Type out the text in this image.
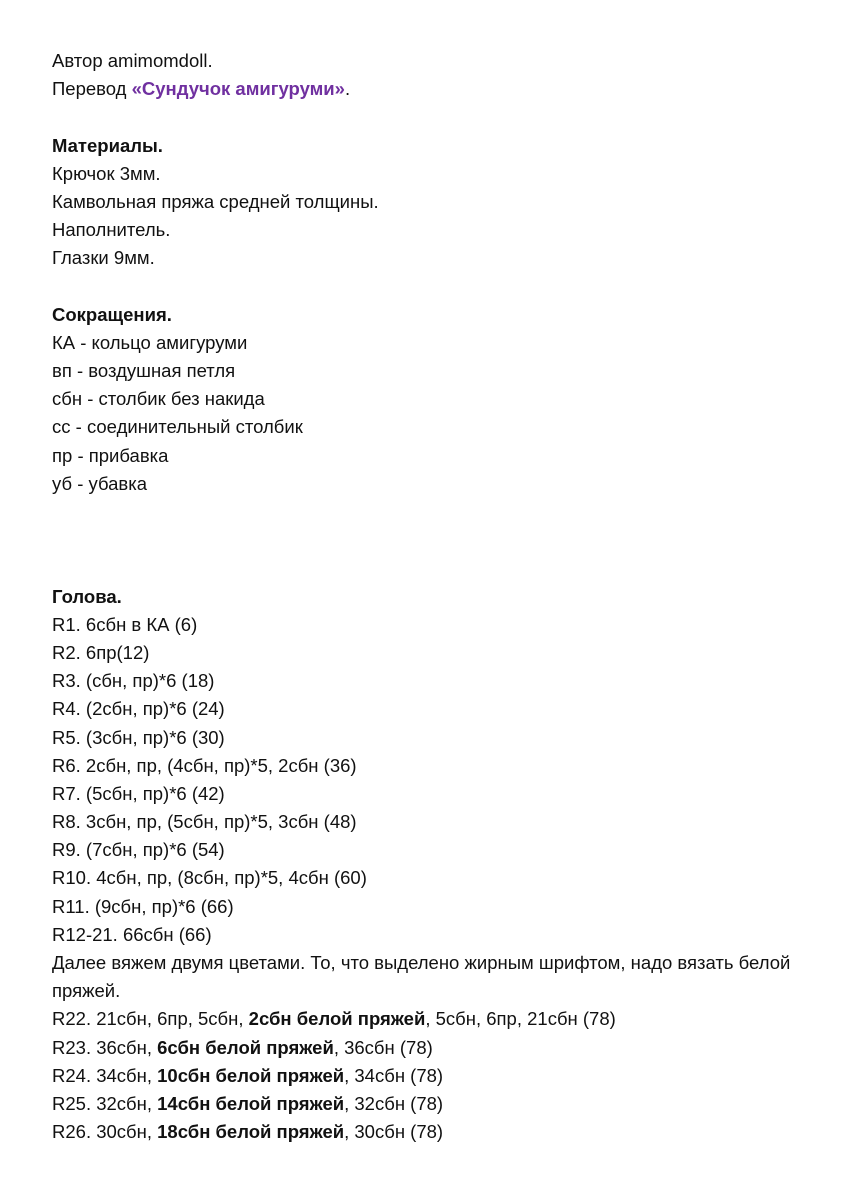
Автор amimomdoll.
Перевод «Сундучок амигуруми».
Материалы.
Крючок 3мм.
Камвольная пряжа средней толщины.
Наполнитель.
Глазки 9мм.
Сокращения.
КА - кольцо амигуруми
вп - воздушная петля
сбн - столбик без накида
сс - соединительный столбик
пр - прибавка
уб - убавка
Голова.
R1. 6сбн в КА (6)
R2. 6пр(12)
R3. (сбн, пр)*6 (18)
R4. (2сбн, пр)*6 (24)
R5. (3сбн, пр)*6 (30)
R6. 2сбн, пр, (4сбн, пр)*5, 2сбн (36)
R7. (5сбн, пр)*6 (42)
R8. 3сбн, пр, (5сбн, пр)*5, 3сбн (48)
R9. (7сбн, пр)*6 (54)
R10. 4сбн, пр, (8сбн, пр)*5, 4сбн (60)
R11. (9сбн, пр)*6 (66)
R12-21. 66сбн (66)
Далее вяжем двумя цветами. То, что выделено жирным шрифтом, надо вязать белой пряжей.
R22. 21сбн, 6пр, 5сбн, 2сбн белой пряжей, 5сбн, 6пр, 21сбн (78)
R23. 36сбн, 6сбн белой пряжей, 36сбн (78)
R24. 34сбн, 10сбн белой пряжей, 34сбн (78)
R25. 32сбн, 14сбн белой пряжей, 32сбн (78)
R26. 30сбн, 18сбн белой пряжей, 30сбн (78)
